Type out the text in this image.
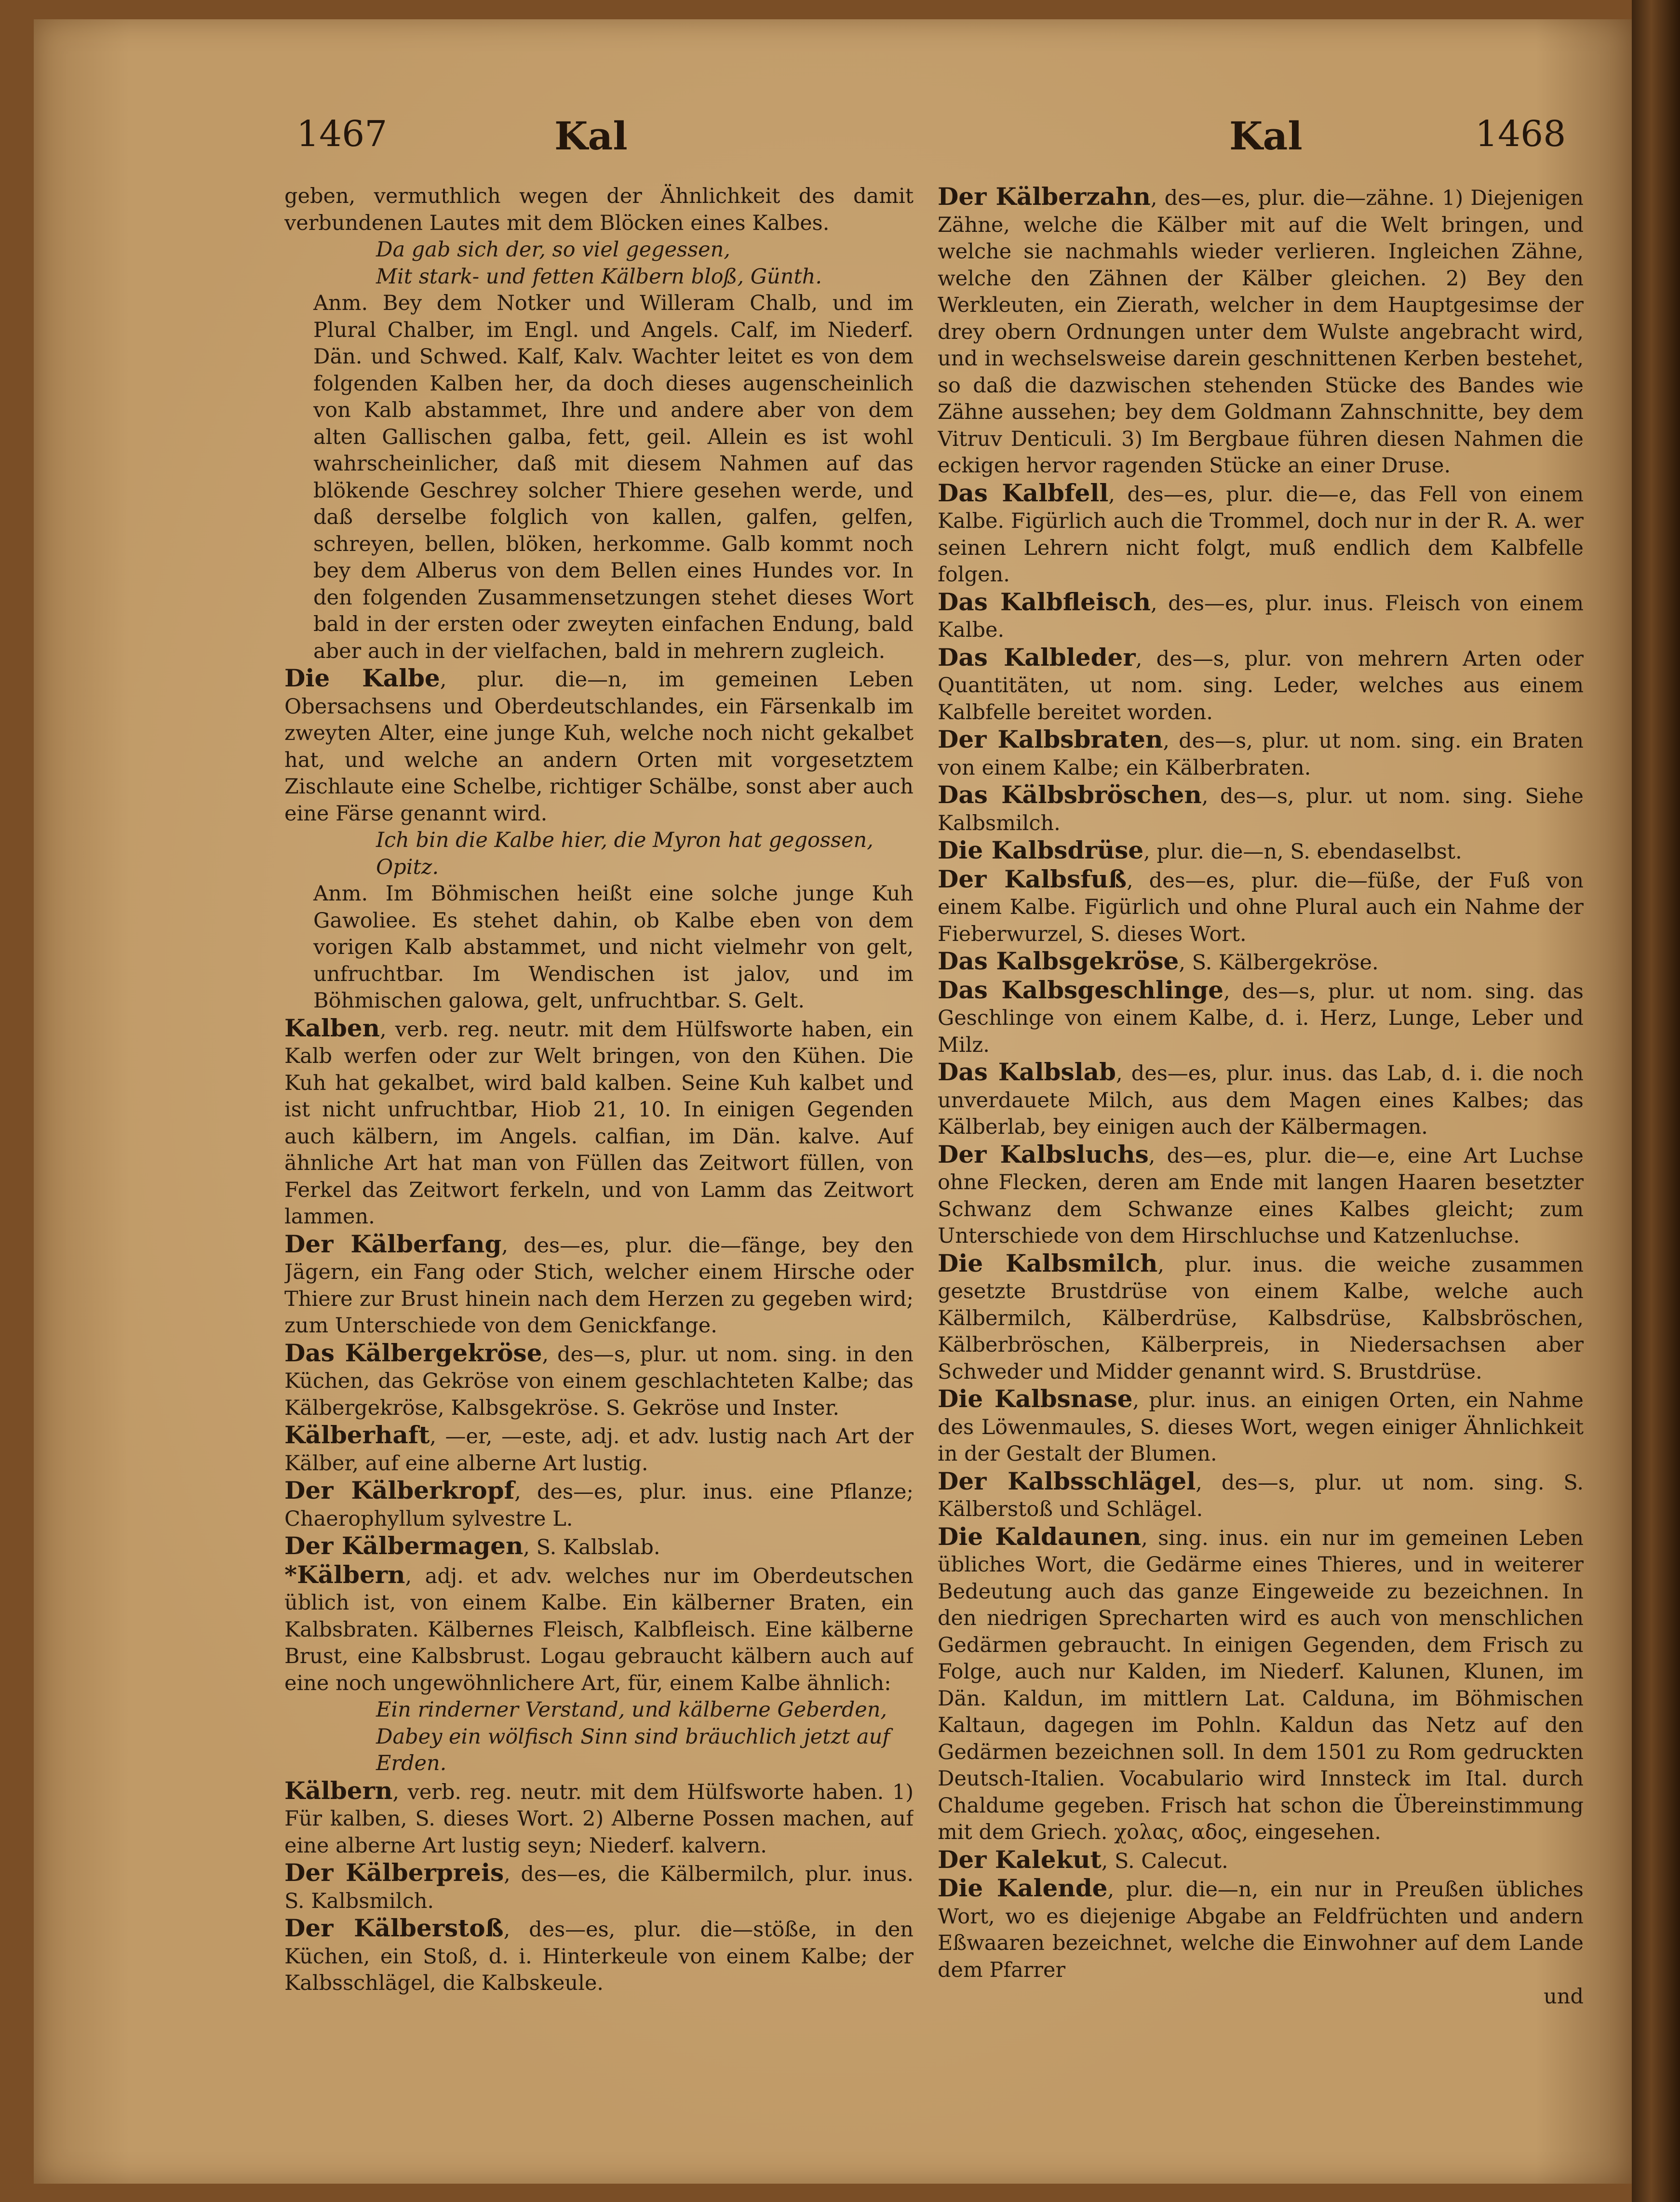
1467	Kal	Kal	1468

geben, vermuthlich wegen der Ähnlichkeit des damit verbundenen Lautes mit dem Blöcken eines Kalbes.

Da gab sich der, so viel gegessen,

Mit stark- und fetten Kälbern bloß, Günth.

Anm. Bey dem Notker und Willeram Chalb, und im Plural Chalber, im Engl. und Angels. Calf, im Niederf. Dän. und Schwed. Kalf, Kalv. Wachter leitet es von dem folgenden Kalben her, da doch dieses augenscheinlich von Kalb abstammet, Ihre und andere aber von dem alten Gallischen galba, fett, geil. Allein es ist wohl wahrscheinlicher, daß mit diesem Nahmen auf das blökende Geschrey solcher Thiere gesehen werde, und daß derselbe folglich von kallen, galfen, gelfen, schreyen, bellen, blöken, herkomme. Galb kommt noch bey dem Alberus von dem Bellen eines Hundes vor. In den folgenden Zusammensetzungen stehet dieses Wort bald in der ersten oder zweyten einfachen Endung, bald aber auch in der vielfachen, bald in mehrern zugleich.

Die Kalbe, plur. die—n, im gemeinen Leben Obersachsens und Oberdeutschlandes, ein Färsenkalb im zweyten Alter, eine junge Kuh, welche noch nicht gekalbet hat, und welche an andern Orten mit vorgesetztem Zischlaute eine Schelbe, richtiger Schälbe, sonst aber auch eine Färse genannt wird.

Ich bin die Kalbe hier, die Myron hat gegossen, Opitz.

Anm. Im Böhmischen heißt eine solche junge Kuh Gawoliee. Es stehet dahin, ob Kalbe eben von dem vorigen Kalb abstammet, und nicht vielmehr von gelt, unfruchtbar. Im Wendischen ist jalov, und im Böhmischen galowa, gelt, unfruchtbar. S. Gelt.

Kalben, verb. reg. neutr. mit dem Hülfsworte haben, ein Kalb werfen oder zur Welt bringen, von den Kühen. Die Kuh hat gekalbet, wird bald kalben. Seine Kuh kalbet und ist nicht unfruchtbar, Hiob 21, 10. In einigen Gegenden auch kälbern, im Angels. calfian, im Dän. kalve. Auf ähnliche Art hat man von Füllen das Zeitwort füllen, von Ferkel das Zeitwort ferkeln, und von Lamm das Zeitwort lammen.

Der Kälberfang, des—es, plur. die—fänge, bey den Jägern, ein Fang oder Stich, welcher einem Hirsche oder Thiere zur Brust hinein nach dem Herzen zu gegeben wird; zum Unterschiede von dem Genickfange.

Das Kälbergekröse, des—s, plur. ut nom. sing. in den Küchen, das Gekröse von einem geschlachteten Kalbe; das Kälbergekröse, Kalbsgekröse. S. Gekröse und Inster.

Kälberhaft, —er, —este, adj. et adv. lustig nach Art der Kälber, auf eine alberne Art lustig.

Der Kälberkropf, des—es, plur. inus. eine Pflanze; Chaerophyllum sylvestre L.

Der Kälbermagen, S. Kalbslab.

*Kälbern, adj. et adv. welches nur im Oberdeutschen üblich ist, von einem Kalbe. Ein kälberner Braten, ein Kalbsbraten. Kälbernes Fleisch, Kalbfleisch. Eine kälberne Brust, eine Kalbsbrust. Logau gebraucht kälbern auch auf eine noch ungewöhnlichere Art, für, einem Kalbe ähnlich:

Ein rinderner Verstand, und kälberne Geberden,

Dabey ein wölfisch Sinn sind bräuchlich jetzt auf Erden.

Kälbern, verb. reg. neutr. mit dem Hülfsworte haben. 1) Für kalben, S. dieses Wort. 2) Alberne Possen machen, auf eine alberne Art lustig seyn; Niederf. kalvern.

Der Kälberpreis, des—es, die Kälbermilch, plur. inus. S. Kalbsmilch.

Der Kälberstoß, des—es, plur. die—stöße, in den Küchen, ein Stoß, d. i. Hinterkeule von einem Kalbe; der Kalbsschlägel, die Kalbskeule.

Der Kälberzahn, des—es, plur. die—zähne. 1) Diejenigen Zähne, welche die Kälber mit auf die Welt bringen, und welche sie nachmahls wieder verlieren. Ingleichen Zähne, welche den Zähnen der Kälber gleichen. 2) Bey den Werkleuten, ein Zierath, welcher in dem Hauptgesimse der drey obern Ordnungen unter dem Wulste angebracht wird, und in wechselsweise darein geschnittenen Kerben bestehet, so daß die dazwischen stehenden Stücke des Bandes wie Zähne aussehen; bey dem Goldmann Zahnschnitte, bey dem Vitruv Denticuli. 3) Im Bergbaue führen diesen Nahmen die eckigen hervor ragenden Stücke an einer Druse.

Das Kalbfell, des—es, plur. die—e, das Fell von einem Kalbe. Figürlich auch die Trommel, doch nur in der R. A. wer seinen Lehrern nicht folgt, muß endlich dem Kalbfelle folgen.

Das Kalbfleisch, des—es, plur. inus. Fleisch von einem Kalbe.

Das Kalbleder, des—s, plur. von mehrern Arten oder Quantitäten, ut nom. sing. Leder, welches aus einem Kalbfelle bereitet worden.

Der Kalbsbraten, des—s, plur. ut nom. sing. ein Braten von einem Kalbe; ein Kälberbraten.

Das Kälbsbröschen, des—s, plur. ut nom. sing. Siehe Kalbsmilch.

Die Kalbsdrüse, plur. die—n, S. ebendaselbst.

Der Kalbsfuß, des—es, plur. die—füße, der Fuß von einem Kalbe. Figürlich und ohne Plural auch ein Nahme der Fieberwurzel, S. dieses Wort.

Das Kalbsgekröse, S. Kälbergekröse.

Das Kalbsgeschlinge, des—s, plur. ut nom. sing. das Geschlinge von einem Kalbe, d. i. Herz, Lunge, Leber und Milz.

Das Kalbslab, des—es, plur. inus. das Lab, d. i. die noch unverdauete Milch, aus dem Magen eines Kalbes; das Kälberlab, bey einigen auch der Kälbermagen.

Der Kalbsluchs, des—es, plur. die—e, eine Art Luchse ohne Flecken, deren am Ende mit langen Haaren besetzter Schwanz dem Schwanze eines Kalbes gleicht; zum Unterschiede von dem Hirschluchse und Katzenluchse.

Die Kalbsmilch, plur. inus. die weiche zusammen gesetzte Brustdrüse von einem Kalbe, welche auch Kälbermilch, Kälberdrüse, Kalbsdrüse, Kalbsbröschen, Kälberbröschen, Kälberpreis, in Niedersachsen aber Schweder und Midder genannt wird. S. Brustdrüse.

Die Kalbsnase, plur. inus. an einigen Orten, ein Nahme des Löwenmaules, S. dieses Wort, wegen einiger Ähnlichkeit in der Gestalt der Blumen.

Der Kalbsschlägel, des—s, plur. ut nom. sing. S. Kälberstoß und Schlägel.

Die Kaldaunen, sing. inus. ein nur im gemeinen Leben übliches Wort, die Gedärme eines Thieres, und in weiterer Bedeutung auch das ganze Eingeweide zu bezeichnen. In den niedrigen Sprecharten wird es auch von menschlichen Gedärmen gebraucht. In einigen Gegenden, dem Frisch zu Folge, auch nur Kalden, im Niederf. Kalunen, Klunen, im Dän. Kaldun, im mittlern Lat. Calduna, im Böhmischen Kaltaun, dagegen im Pohln. Kaldun das Netz auf den Gedärmen bezeichnen soll. In dem 1501 zu Rom gedruckten Deutsch-Italien. Vocabulario wird Innsteck im Ital. durch Chaldume gegeben. Frisch hat schon die Übereinstimmung mit dem Griech. χολας, αδος, eingesehen.

Der Kalekut, S. Calecut.

Die Kalende, plur. die—n, ein nur in Preußen übliches Wort, wo es diejenige Abgabe an Feldfrüchten und andern Eßwaaren bezeichnet, welche die Einwohner auf dem Lande dem Pfarrer

und
